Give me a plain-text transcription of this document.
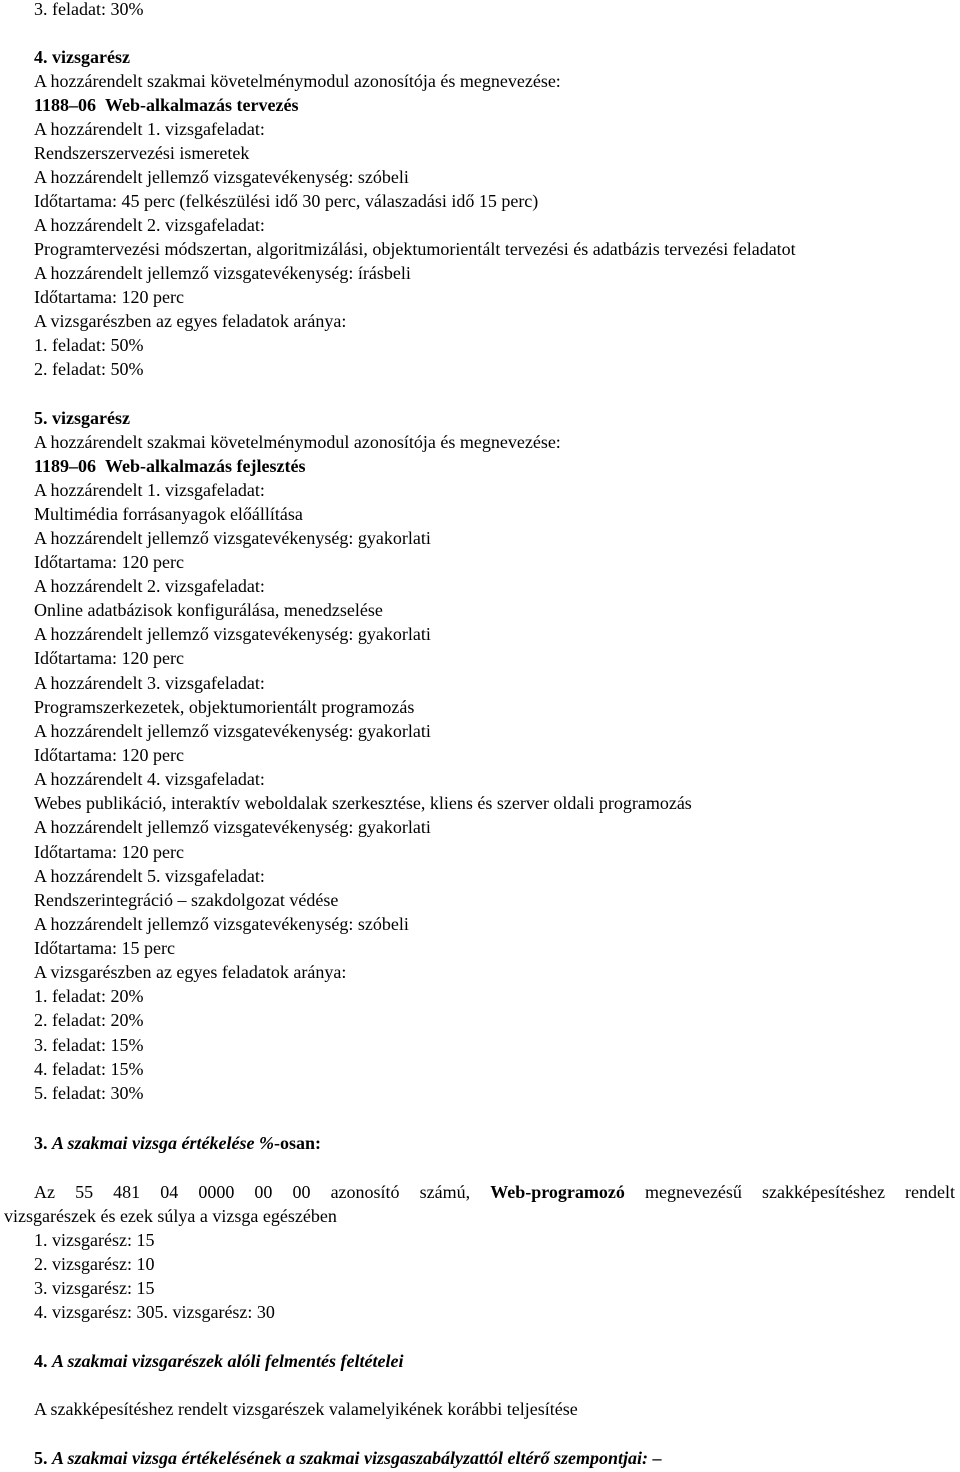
3. feladat: 30%
4. vizsgarész
A hozzárendelt szakmai követelménymodul azonosítója és megnevezése:
1188–06 Web-alkalmazás tervezés
A hozzárendelt 1. vizsgafeladat:
Rendszerszervezési ismeretek
A hozzárendelt jellemző vizsgatevékenység: szóbeli
Időtartama: 45 perc (felkészülési idő 30 perc, válaszadási idő 15 perc)
A hozzárendelt 2. vizsgafeladat:
Programtervezési módszertan, algoritmizálási, objektumorientált tervezési és adatbázis tervezési feladatot
A hozzárendelt jellemző vizsgatevékenység: írásbeli
Időtartama: 120 perc
A vizsgarészben az egyes feladatok aránya:
1. feladat: 50%
2. feladat: 50%
5. vizsgarész
A hozzárendelt szakmai követelménymodul azonosítója és megnevezése:
1189–06 Web-alkalmazás fejlesztés
A hozzárendelt 1. vizsgafeladat:
Multimédia forrásanyagok előállítása
A hozzárendelt jellemző vizsgatevékenység: gyakorlati
Időtartama: 120 perc
A hozzárendelt 2. vizsgafeladat:
Online adatbázisok konfigurálása, menedzselése
A hozzárendelt jellemző vizsgatevékenység: gyakorlati
Időtartama: 120 perc
A hozzárendelt 3. vizsgafeladat:
Programszerkezetek, objektumorientált programozás
A hozzárendelt jellemző vizsgatevékenység: gyakorlati
Időtartama: 120 perc
A hozzárendelt 4. vizsgafeladat:
Webes publikáció, interaktív weboldalak szerkesztése, kliens és szerver oldali programozás
A hozzárendelt jellemző vizsgatevékenység: gyakorlati
Időtartama: 120 perc
A hozzárendelt 5. vizsgafeladat:
Rendszerintegráció – szakdolgozat védése
A hozzárendelt jellemző vizsgatevékenység: szóbeli
Időtartama: 15 perc
A vizsgarészben az egyes feladatok aránya:
1. feladat: 20%
2. feladat: 20%
3. feladat: 15%
4. feladat: 15%
5. feladat: 30%
3. A szakmai vizsga értékelése %-osan:
Az 55 481 04 0000 00 00 azonosító számú, Web-programozó megnevezésű szakképesítéshez rendelt
vizsgarészek és ezek súlya a vizsga egészében
1. vizsgarész: 15
2. vizsgarész: 10
3. vizsgarész: 15
4. vizsgarész: 305. vizsgarész: 30
4. A szakmai vizsgarészek alóli felmentés feltételei
A szakképesítéshez rendelt vizsgarészek valamelyikének korábbi teljesítése
5. A szakmai vizsga értékelésének a szakmai vizsgaszabályzattól eltérő szempontjai: –
